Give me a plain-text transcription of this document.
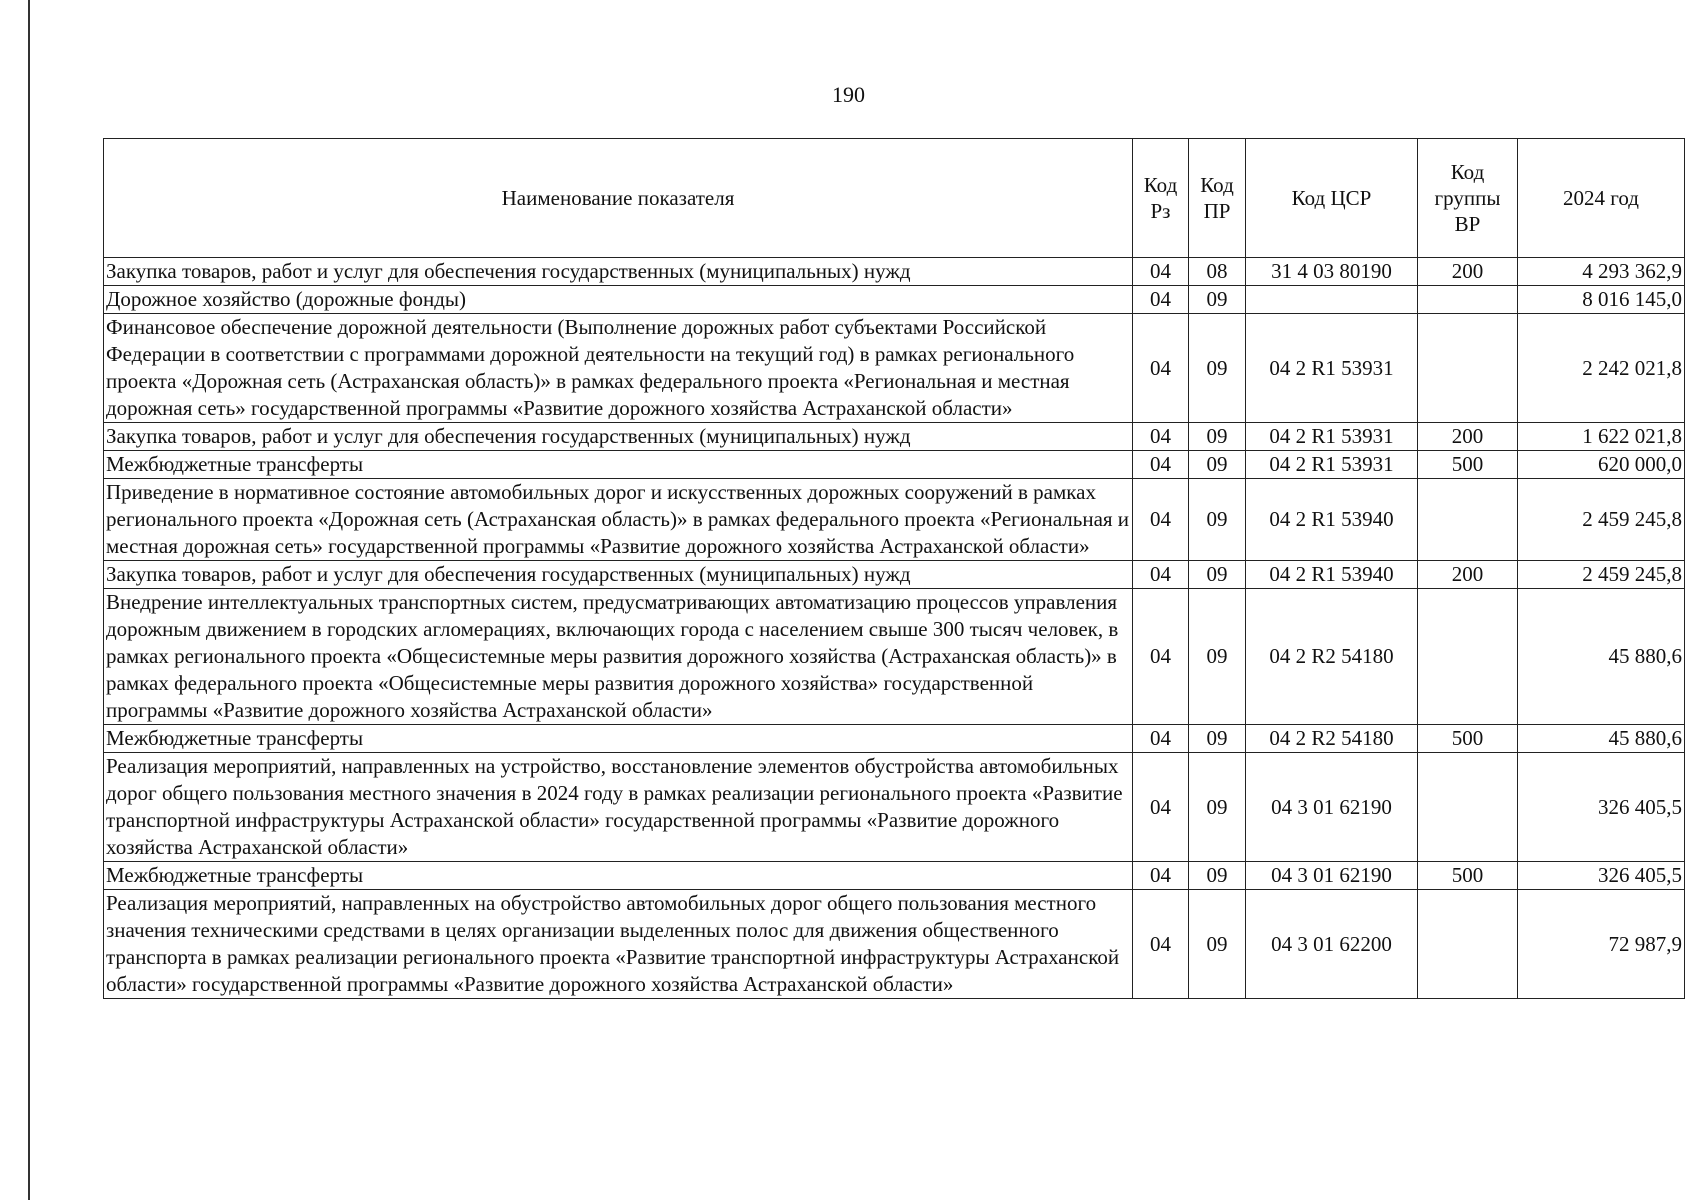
190
Наименование показателя	Код Рз	Код ПР	Код ЦСР	Код группы ВР	2024 год
Закупка товаров, работ и услуг для обеспечения государственных (муниципальных) нужд	04	08	31 4 03 80190	200	4 293 362,9
Дорожное хозяйство (дорожные фонды)	04	09			8 016 145,0
Финансовое обеспечение дорожной деятельности (Выполнение дорожных работ субъектами Российской Федерации в соответствии с программами дорожной деятельности на текущий год) в рамках регионального проекта «Дорожная сеть (Астраханская область)» в рамках федерального проекта «Региональная и местная дорожная сеть» государственной программы «Развитие дорожного хозяйства Астраханской области»	04	09	04 2 R1 53931		2 242 021,8
Закупка товаров, работ и услуг для обеспечения государственных (муниципальных) нужд	04	09	04 2 R1 53931	200	1 622 021,8
Межбюджетные трансферты	04	09	04 2 R1 53931	500	620 000,0
Приведение в нормативное состояние автомобильных дорог и искусственных дорожных сооружений в рамках регионального проекта «Дорожная сеть (Астраханская область)» в рамках федерального проекта «Региональная и местная дорожная сеть» государственной программы «Развитие дорожного хозяйства Астраханской области»	04	09	04 2 R1 53940		2 459 245,8
Закупка товаров, работ и услуг для обеспечения государственных (муниципальных) нужд	04	09	04 2 R1 53940	200	2 459 245,8
Внедрение интеллектуальных транспортных систем, предусматривающих автоматизацию процессов управления дорожным движением в городских агломерациях, включающих города с населением свыше 300 тысяч человек, в рамках регионального проекта «Общесистемные меры развития дорожного хозяйства (Астраханская область)» в рамках федерального проекта «Общесистемные меры развития дорожного хозяйства» государственной программы «Развитие дорожного хозяйства Астраханской области»	04	09	04 2 R2 54180		45 880,6
Межбюджетные трансферты	04	09	04 2 R2 54180	500	45 880,6
Реализация мероприятий, направленных на устройство, восстановление элементов обустройства автомобильных дорог общего пользования местного значения в 2024 году в рамках реализации регионального проекта «Развитие транспортной инфраструктуры Астраханской области» государственной программы «Развитие дорожного хозяйства Астраханской области»	04	09	04 3 01 62190		326 405,5
Межбюджетные трансферты	04	09	04 3 01 62190	500	326 405,5
Реализация мероприятий, направленных на обустройство автомобильных дорог общего пользования местного значения техническими средствами в целях организации выделенных полос для движения общественного транспорта в рамках реализации регионального проекта «Развитие транспортной инфраструктуры Астраханской области» государственной программы «Развитие дорожного хозяйства Астраханской области»	04	09	04 3 01 62200		72 987,9
